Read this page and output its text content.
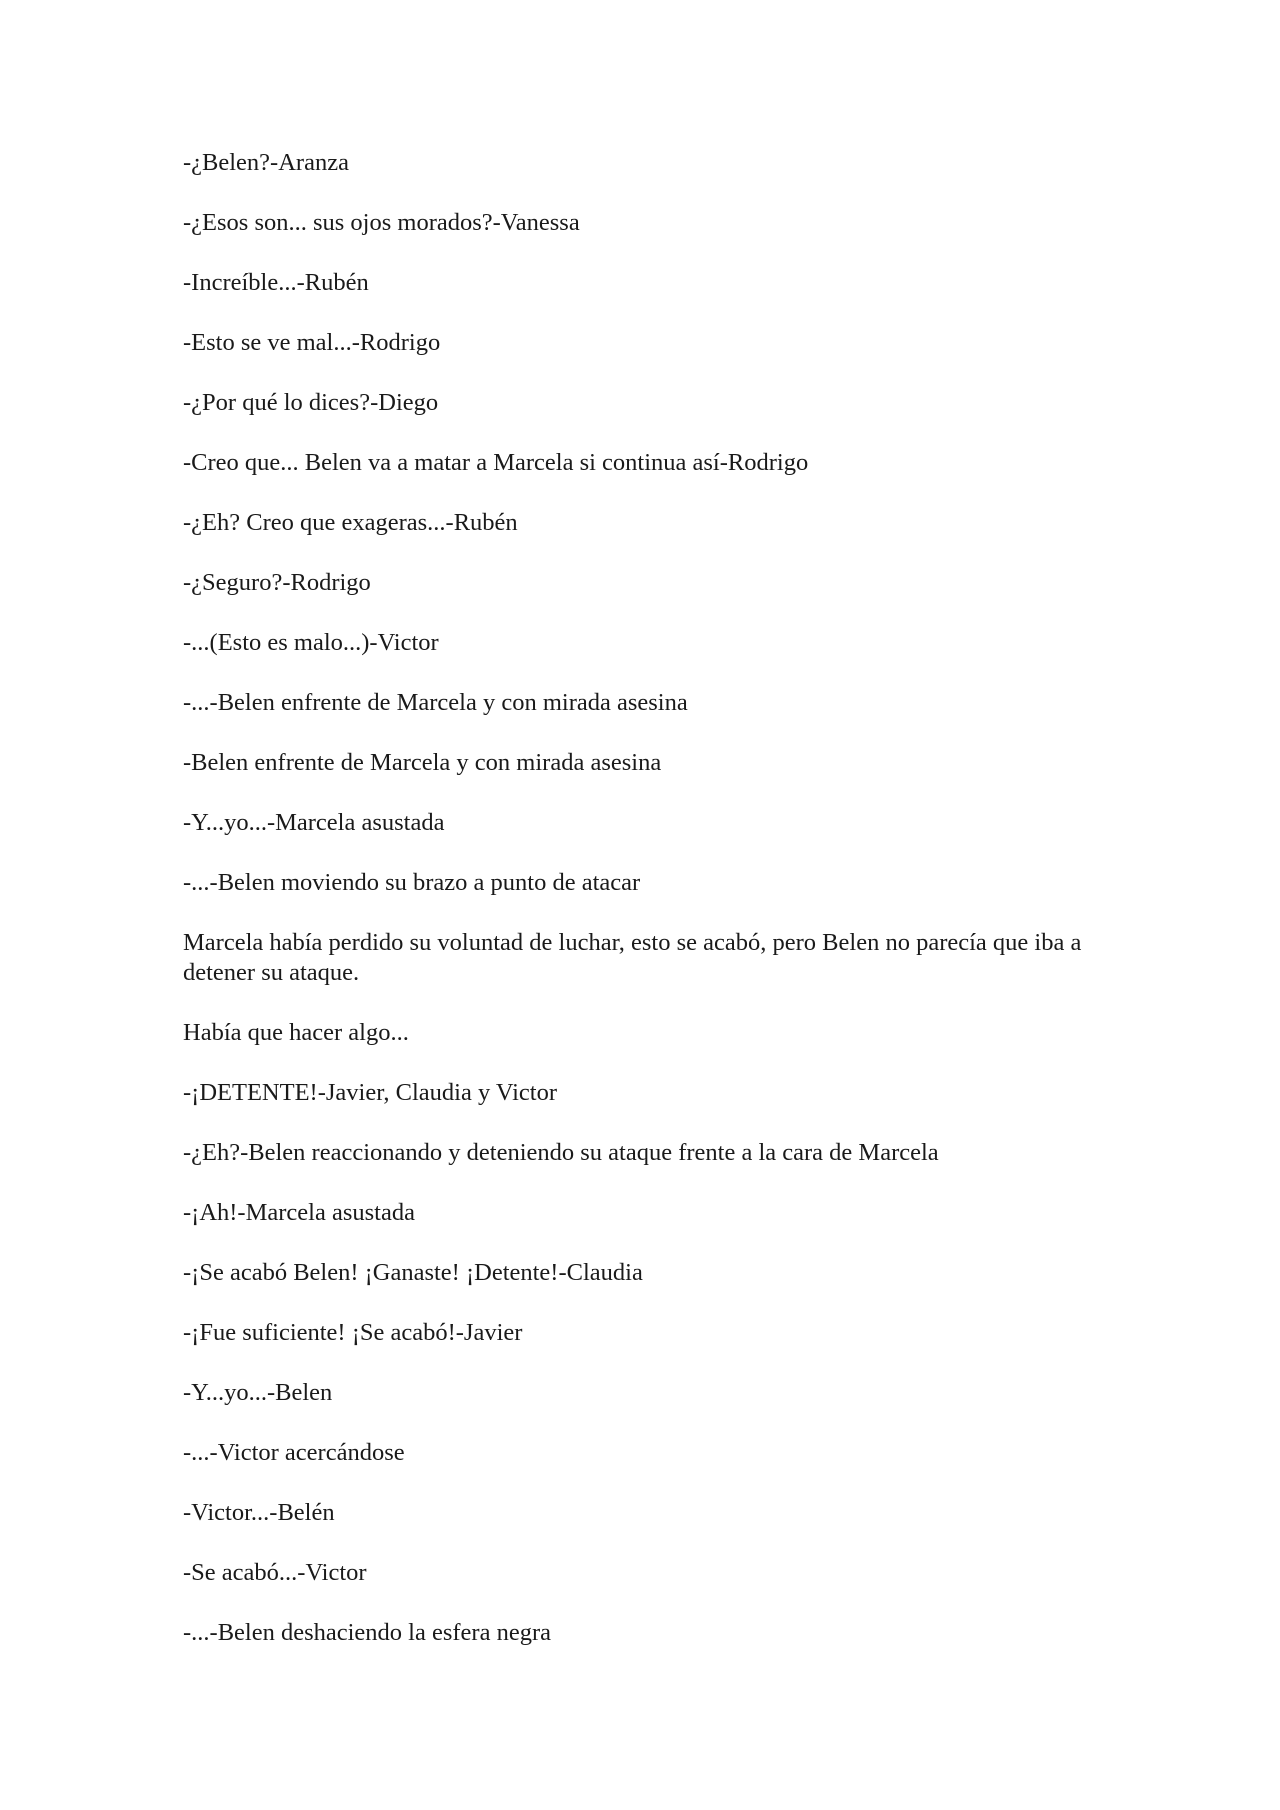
-¿Belen?-Aranza

-¿Esos son... sus ojos morados?-Vanessa

-Increíble...-Rubén

-Esto se ve mal...-Rodrigo

-¿Por qué lo dices?-Diego

-Creo que... Belen va a matar a Marcela si continua así-Rodrigo

-¿Eh? Creo que exageras...-Rubén

-¿Seguro?-Rodrigo

-...(Esto es malo...)-Victor

-...-Belen enfrente de Marcela y con mirada asesina

-Belen enfrente de Marcela y con mirada asesina

-Y...yo...-Marcela asustada

-...-Belen moviendo su brazo a punto de atacar

Marcela había perdido su voluntad de luchar, esto se acabó, pero Belen no parecía que iba a detener su ataque.

Había que hacer algo...

-¡DETENTE!-Javier, Claudia y Victor

-¿Eh?-Belen reaccionando y deteniendo su ataque frente a la cara de Marcela

-¡Ah!-Marcela asustada

-¡Se acabó Belen! ¡Ganaste! ¡Detente!-Claudia

-¡Fue suficiente! ¡Se acabó!-Javier

-Y...yo...-Belen

-...-Victor acercándose

-Victor...-Belén

-Se acabó...-Victor

-...-Belen deshaciendo la esfera negra
